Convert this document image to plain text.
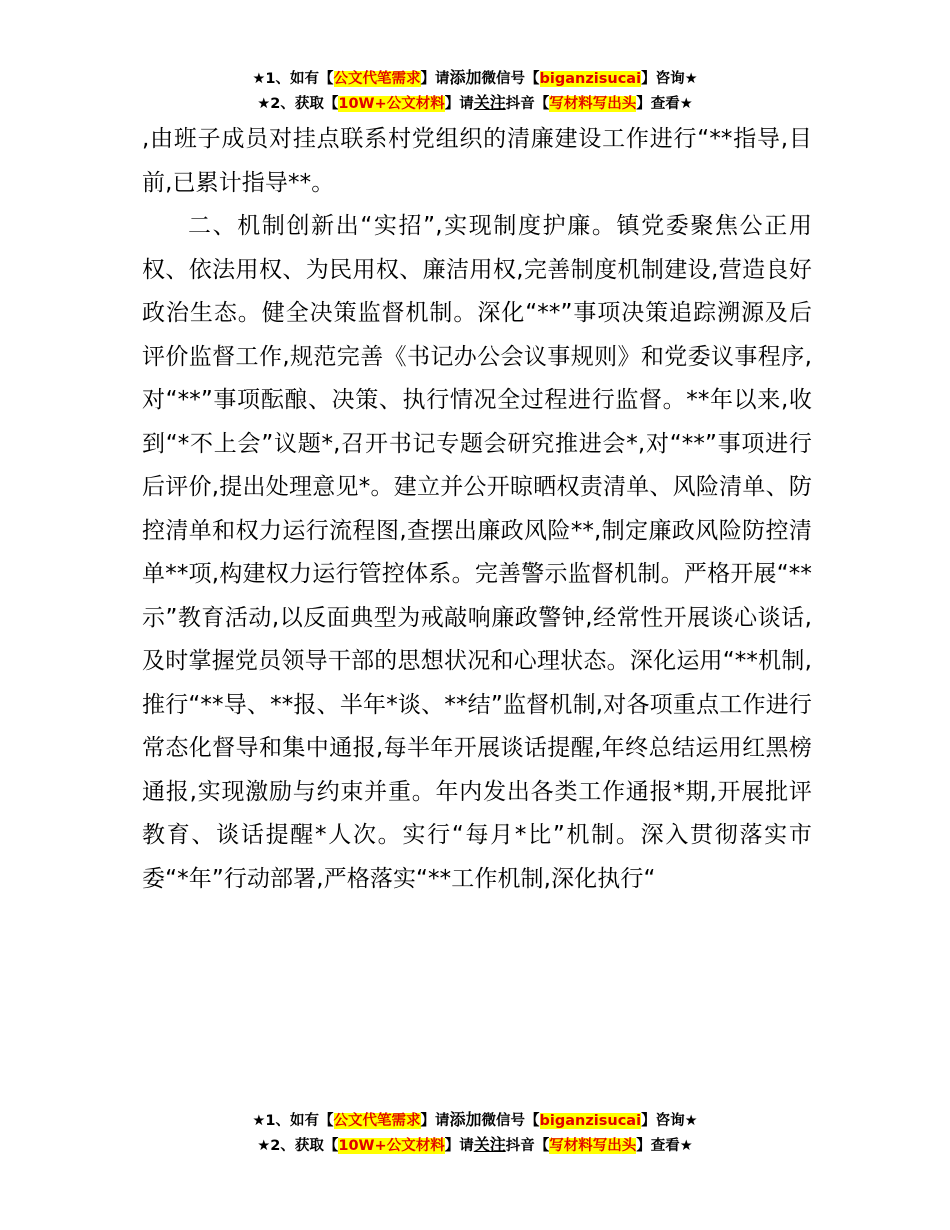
★1、如有【公文代笔需求】请添加微信号【biganzisucai】咨询★
★2、获取【10W+公文材料】请关注抖音【写材料写出头】查看★

,由班子成员对挂点联系村党组织的清廉建设工作进行“**指导,目前,已累计指导**。

二、机制创新出“实招”,实现制度护廉。镇党委聚焦公正用权、依法用权、为民用权、廉洁用权,完善制度机制建设,营造良好政治生态。健全决策监督机制。深化“**”事项决策追踪溯源及后评价监督工作,规范完善《书记办公会议事规则》和党委议事程序,对“**”事项酝酿、决策、执行情况全过程进行监督。**年以来,收到“*不上会”议题*,召开书记专题会研究推进会*,对“**”事项进行后评价,提出处理意见*。建立并公开晾晒权责清单、风险清单、防控清单和权力运行流程图,查摆出廉政风险**,制定廉政风险防控清单**项,构建权力运行管控体系。完善警示监督机制。严格开展“**示”教育活动,以反面典型为戒敲响廉政警钟,经常性开展谈心谈话,及时掌握党员领导干部的思想状况和心理状态。深化运用“**机制,推行“**导、**报、半年*谈、**结”监督机制,对各项重点工作进行常态化督导和集中通报,每半年开展谈话提醒,年终总结运用红黑榜通报,实现激励与约束并重。年内发出各类工作通报*期,开展批评教育、谈话提醒*人次。实行“每月*比”机制。深入贯彻落实市委“*年”行动部署,严格落实“**工作机制,深化执行“

★1、如有【公文代笔需求】请添加微信号【biganzisucai】咨询★
★2、获取【10W+公文材料】请关注抖音【写材料写出头】查看★
